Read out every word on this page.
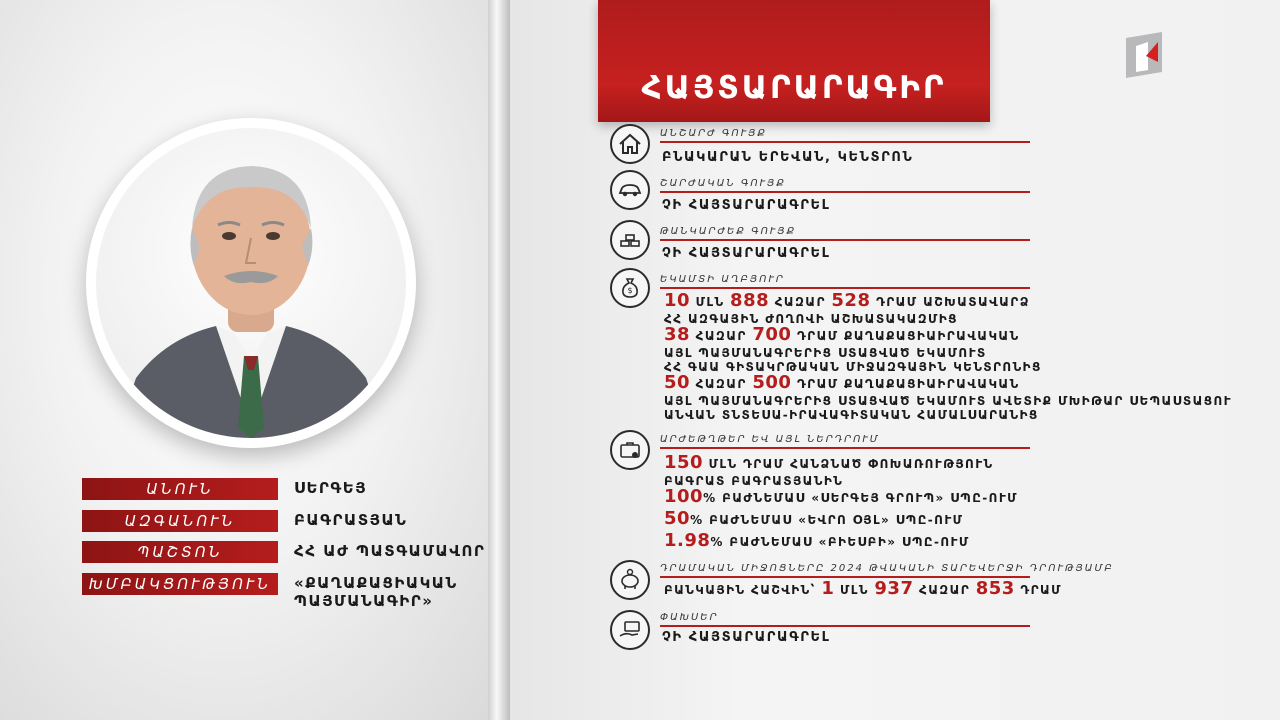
ԱՆՈՒՆ	ՍԵՐԳԵՅ
ԱԶԳԱՆՈՒՆ	ԲԱԳՐԱՏՅԱՆ
ՊԱՇՏՈՆ	ՀՀ ԱԺ ՊԱՏԳԱՄԱՎՈՐ
ԽՄԲԱԿՑՈՒԹՅՈՒՆ	«ՔԱՂԱՔԱՑԻԱԿԱՆ
ՊԱՅՄԱՆԱԳԻՐ»
ՀԱՅՏԱՐԱՐԱԳԻՐ
ԱՆՇԱՐԺ ԳՈՒՅՔ
ԲՆԱԿԱՐԱՆ ԵՐԵՎԱՆ, ԿԵՆՏՐՈՆ
ՇԱՐԺԱԿԱՆ ԳՈՒՅՔ
ՉԻ ՀԱՅՏԱՐԱՐԱԳՐԵԼ
ԹԱՆԿԱՐԺԵՔ ԳՈՒՅՔ
ՉԻ ՀԱՅՏԱՐԱՐԱԳՐԵԼ
$
ԵԿԱՄՏԻ ԱՂԲՅՈՒՐ
10 ՄԼՆ 888 ՀԱԶԱՐ 528 ԴՐԱՄ ԱՇԽԱՏԱՎԱՐՁ
ՀՀ ԱԶԳԱՅԻՆ ԺՈՂՈՎԻ ԱՇԽԱՏԱԿԱԶՄԻՑ
38 ՀԱԶԱՐ 700 ԴՐԱՄ ՔԱՂԱՔԱՑԻԱԻՐԱՎԱԿԱՆ
ԱՅԼ ՊԱՅՄԱՆԱԳՐԵՐԻՑ ՍՏԱՑՎԱԾ ԵԿԱՄՈՒՏ
ՀՀ ԳԱԱ ԳԻՏԱԿՐԹԱԿԱՆ ՄԻՋԱԶԳԱՅԻՆ ԿԵՆՏՐՈՆԻՑ
50 ՀԱԶԱՐ 500 ԴՐԱՄ ՔԱՂԱՔԱՑԻԱԻՐԱՎԱԿԱՆ
ԱՅԼ ՊԱՅՄԱՆԱԳՐԵՐԻՑ ՍՏԱՑՎԱԾ ԵԿԱՄՈՒՏ ԱՎԵՏԻՔ ՄԽԻԹԱՐ ՍԵՊԱՍՏԱՑՈՒ
ԱՆՎԱՆ ՏՆՏԵՍԱ-ԻՐԱՎԱԳԻՏԱԿԱՆ ՀԱՄԱԼՍԱՐԱՆԻՑ
ԱՐԺԵԹՂԹԵՐ ԵՎ ԱՅԼ ՆԵՐԴՐՈՒՄ
150 ՄԼՆ ԴՐԱՄ ՀԱՆՁՆԱԾ ՓՈԽԱՌՈՒԹՅՈՒՆ
ԲԱԳՐԱՏ ԲԱԳՐԱՏՅԱՆԻՆ
100% ԲԱԺՆԵՄԱՍ «ՍԵՐԳԵՅ ԳՐՈՒՊ» ՍՊԸ-ՈՒՄ
50% ԲԱԺՆԵՄԱՍ «ԵՎՐՈ ՕՅԼ» ՍՊԸ-ՈՒՄ
1.98% ԲԱԺՆԵՄԱՍ «ԲԻԵՍԲԻ» ՍՊԸ-ՈՒՄ
ԴՐԱՄԱԿԱՆ ՄԻՋՈՑՆԵՐԸ 2024 ԹՎԱԿԱՆԻ ՏԱՐԵՎԵՐՋԻ ԴՐՈՒԹՅԱՄԲ
ԲԱՆԿԱՅԻՆ ՀԱՇՎԻՆ՝ 1 ՄԼՆ 937 ՀԱԶԱՐ 853 ԴՐԱՄ
ՓԱԽՍԵՐ
ՉԻ ՀԱՅՏԱՐԱՐԱԳՐԵԼ
